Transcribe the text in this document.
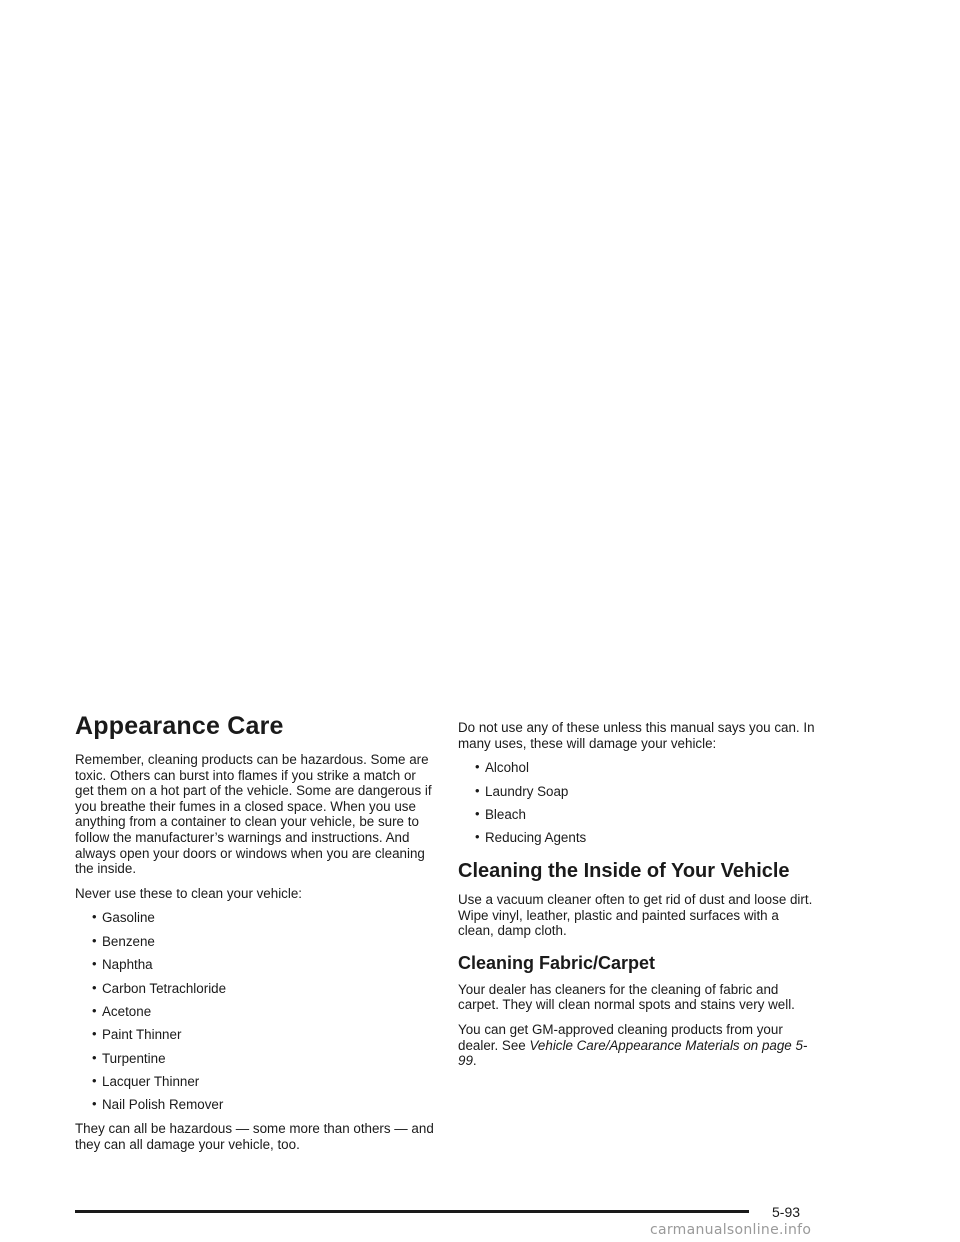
Appearance Care

Remember, cleaning products can be hazardous. Some are toxic. Others can burst into flames if you strike a match or get them on a hot part of the vehicle. Some are dangerous if you breathe their fumes in a closed space. When you use anything from a container to clean your vehicle, be sure to follow the manufacturer’s warnings and instructions. And always open your doors or windows when you are cleaning the inside.

Never use these to clean your vehicle:

• Gasoline
• Benzene
• Naphtha
• Carbon Tetrachloride
• Acetone
• Paint Thinner
• Turpentine
• Lacquer Thinner
• Nail Polish Remover

They can all be hazardous — some more than others — and they can all damage your vehicle, too.

Do not use any of these unless this manual says you can. In many uses, these will damage your vehicle:

• Alcohol
• Laundry Soap
• Bleach
• Reducing Agents
Cleaning the Inside of Your Vehicle

Use a vacuum cleaner often to get rid of dust and loose dirt. Wipe vinyl, leather, plastic and painted surfaces with a clean, damp cloth.

Cleaning Fabric/Carpet

Your dealer has cleaners for the cleaning of fabric and carpet. They will clean normal spots and stains very well.

You can get GM-approved cleaning products from your dealer. See Vehicle Care/Appearance Materials on page 5-99.

5-93
carmanualsonline.info
